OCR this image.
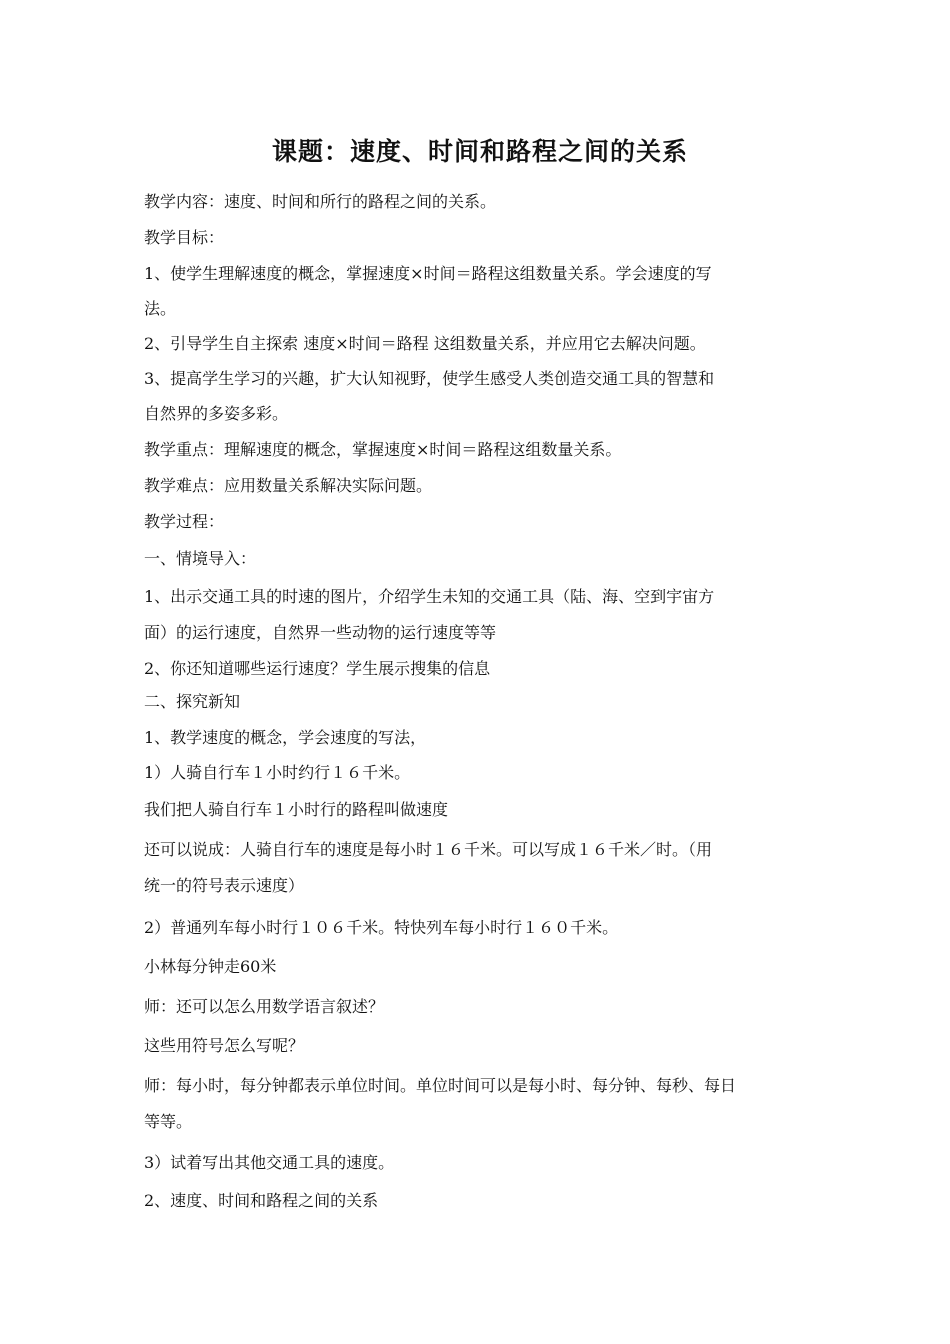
课题：速度、时间和路程之间的关系
教学内容：速度、时间和所行的路程之间的关系。
教学目标：
1、使学生理解速度的概念，掌握速度×时间＝路程这组数量关系。学会速度的写
法。
2、引导学生自主探索 速度×时间＝路程 这组数量关系，并应用它去解决问题。
3、提高学生学习的兴趣，扩大认知视野，使学生感受人类创造交通工具的智慧和
自然界的多姿多彩。
教学重点：理解速度的概念，掌握速度×时间＝路程这组数量关系。
教学难点：应用数量关系解决实际问题。
教学过程：
一、情境导入：
1、出示交通工具的时速的图片，介绍学生未知的交通工具（陆、海、空到宇宙方
面）的运行速度，自然界一些动物的运行速度等等
2、你还知道哪些运行速度？学生展示搜集的信息
二、探究新知
1、教学速度的概念，学会速度的写法，
1）人骑自行车１小时约行１６千米。
我们把人骑自行车１小时行的路程叫做速度
还可以说成：人骑自行车的速度是每小时１６千米。可以写成１６千米／时。（用
统一的符号表示速度）
2）普通列车每小时行１０６千米。特快列车每小时行１６０千米。
小林每分钟走60米
师：还可以怎么用数学语言叙述？
这些用符号怎么写呢？
师：每小时，每分钟都表示单位时间。单位时间可以是每小时、每分钟、每秒、每日
等等。
3）试着写出其他交通工具的速度。
2、速度、时间和路程之间的关系
